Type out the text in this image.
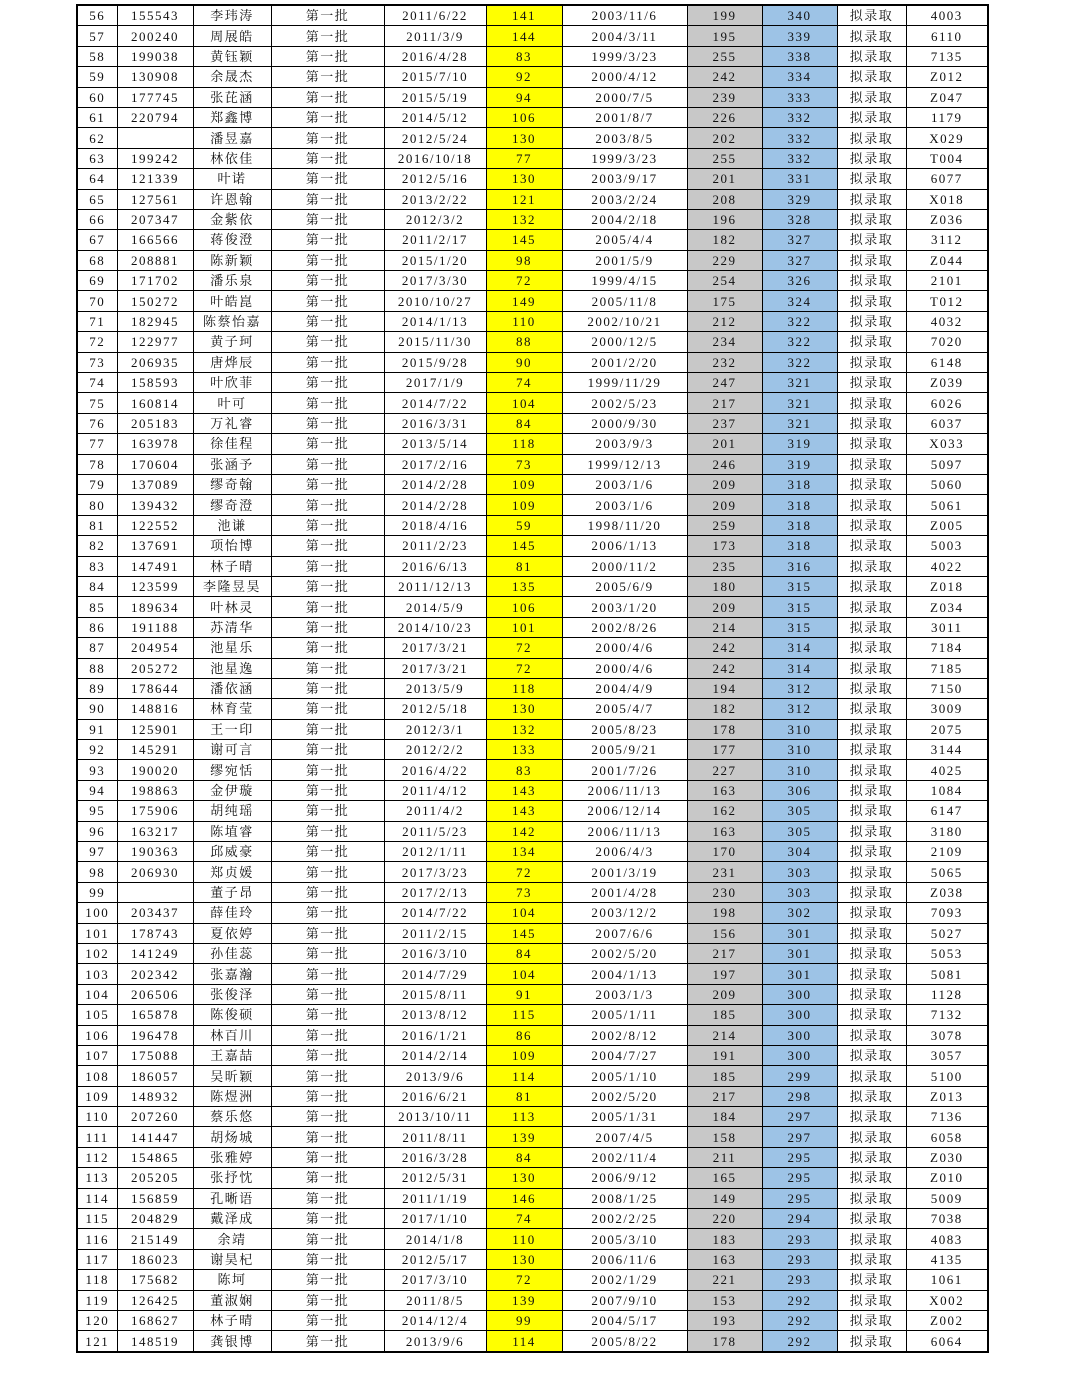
56	155543	李玮涛	第一批	2011/6/22	141	2003/11/6	199	340	拟录取	4003
57	200240	周展皓	第一批	2011/3/9	144	2004/3/11	195	339	拟录取	6110
58	199038	黄钰颖	第一批	2016/4/28	83	1999/3/23	255	338	拟录取	7135
59	130908	余晟杰	第一批	2015/7/10	92	2000/4/12	242	334	拟录取	Z012
60	177745	张芘涵	第一批	2015/5/19	94	2000/7/5	239	333	拟录取	Z047
61	220794	郑鑫博	第一批	2014/5/12	106	2001/8/7	226	332	拟录取	1179
62		潘昱嘉	第一批	2012/5/24	130	2003/8/5	202	332	拟录取	X029
63	199242	林依佳	第一批	2016/10/18	77	1999/3/23	255	332	拟录取	T004
64	121339	叶诺	第一批	2012/5/16	130	2003/9/17	201	331	拟录取	6077
65	127561	许恩翰	第一批	2013/2/22	121	2003/2/24	208	329	拟录取	X018
66	207347	金紫依	第一批	2012/3/2	132	2004/2/18	196	328	拟录取	Z036
67	166566	蒋俊澄	第一批	2011/2/17	145	2005/4/4	182	327	拟录取	3112
68	208881	陈新颖	第一批	2015/1/20	98	2001/5/9	229	327	拟录取	Z044
69	171702	潘乐泉	第一批	2017/3/30	72	1999/4/15	254	326	拟录取	2101
70	150272	叶皓崑	第一批	2010/10/27	149	2005/11/8	175	324	拟录取	T012
71	182945	陈蔡怡嘉	第一批	2014/1/13	110	2002/10/21	212	322	拟录取	4032
72	122977	黄子珂	第一批	2015/11/30	88	2000/12/5	234	322	拟录取	7020
73	206935	唐烨辰	第一批	2015/9/28	90	2001/2/20	232	322	拟录取	6148
74	158593	叶欣菲	第一批	2017/1/9	74	1999/11/29	247	321	拟录取	Z039
75	160814	叶可	第一批	2014/7/22	104	2002/5/23	217	321	拟录取	6026
76	205183	万礼睿	第一批	2016/3/31	84	2000/9/30	237	321	拟录取	6037
77	163978	徐佳程	第一批	2013/5/14	118	2003/9/3	201	319	拟录取	X033
78	170604	张涵予	第一批	2017/2/16	73	1999/12/13	246	319	拟录取	5097
79	137089	缪奇翰	第一批	2014/2/28	109	2003/1/6	209	318	拟录取	5060
80	139432	缪奇澄	第一批	2014/2/28	109	2003/1/6	209	318	拟录取	5061
81	122552	池谦	第一批	2018/4/16	59	1998/11/20	259	318	拟录取	Z005
82	137691	项怡博	第一批	2011/2/23	145	2006/1/13	173	318	拟录取	5003
83	147491	林子晴	第一批	2016/6/13	81	2000/11/2	235	316	拟录取	4022
84	123599	李隆昱昊	第一批	2011/12/13	135	2005/6/9	180	315	拟录取	Z018
85	189634	叶林灵	第一批	2014/5/9	106	2003/1/20	209	315	拟录取	Z034
86	191188	苏清华	第一批	2014/10/23	101	2002/8/26	214	315	拟录取	3011
87	204954	池星乐	第一批	2017/3/21	72	2000/4/6	242	314	拟录取	7184
88	205272	池星逸	第一批	2017/3/21	72	2000/4/6	242	314	拟录取	7185
89	178644	潘依涵	第一批	2013/5/9	118	2004/4/9	194	312	拟录取	7150
90	148816	林育莹	第一批	2012/5/18	130	2005/4/7	182	312	拟录取	3009
91	125901	王一印	第一批	2012/3/1	132	2005/8/23	178	310	拟录取	2075
92	145291	谢可言	第一批	2012/2/2	133	2005/9/21	177	310	拟录取	3144
93	190020	缪宛恬	第一批	2016/4/22	83	2001/7/26	227	310	拟录取	4025
94	198863	金伊璇	第一批	2011/4/12	143	2006/11/13	163	306	拟录取	1084
95	175906	胡纯瑶	第一批	2011/4/2	143	2006/12/14	162	305	拟录取	6147
96	163217	陈埴睿	第一批	2011/5/23	142	2006/11/13	163	305	拟录取	3180
97	190363	邱威豪	第一批	2012/1/11	134	2006/4/3	170	304	拟录取	2109
98	206930	郑贞媛	第一批	2017/3/23	72	2001/3/19	231	303	拟录取	5065
99		董子昂	第一批	2017/2/13	73	2001/4/28	230	303	拟录取	Z038
100	203437	薛佳玲	第一批	2014/7/22	104	2003/12/2	198	302	拟录取	7093
101	178743	夏依婷	第一批	2011/2/15	145	2007/6/6	156	301	拟录取	5027
102	141249	孙佳蕊	第一批	2016/3/10	84	2002/5/20	217	301	拟录取	5053
103	202342	张嘉瀚	第一批	2014/7/29	104	2004/1/13	197	301	拟录取	5081
104	206506	张俊泽	第一批	2015/8/11	91	2003/1/3	209	300	拟录取	1128
105	165878	陈俊硕	第一批	2013/8/12	115	2005/1/11	185	300	拟录取	7132
106	196478	林百川	第一批	2016/1/21	86	2002/8/12	214	300	拟录取	3078
107	175088	王嘉喆	第一批	2014/2/14	109	2004/7/27	191	300	拟录取	3057
108	186057	吴昕颖	第一批	2013/9/6	114	2005/1/10	185	299	拟录取	5100
109	148932	陈煜洲	第一批	2016/6/21	81	2002/5/20	217	298	拟录取	Z013
110	207260	蔡乐悠	第一批	2013/10/11	113	2005/1/31	184	297	拟录取	7136
111	141447	胡炀城	第一批	2011/8/11	139	2007/4/5	158	297	拟录取	6058
112	154865	张雅婷	第一批	2016/3/28	84	2002/11/4	211	295	拟录取	Z030
113	205205	张抒忱	第一批	2012/5/31	130	2006/9/12	165	295	拟录取	Z010
114	156859	孔晰语	第一批	2011/1/19	146	2008/1/25	149	295	拟录取	5009
115	204829	戴泽成	第一批	2017/1/10	74	2002/2/25	220	294	拟录取	7038
116	215149	余靖	第一批	2014/1/8	110	2005/3/10	183	293	拟录取	4083
117	186023	谢昊杞	第一批	2012/5/17	130	2006/11/6	163	293	拟录取	4135
118	175682	陈坷	第一批	2017/3/10	72	2002/1/29	221	293	拟录取	1061
119	126425	董淑娴	第一批	2011/8/5	139	2007/9/10	153	292	拟录取	X002
120	168627	林子晴	第一批	2014/12/4	99	2004/5/17	193	292	拟录取	Z002
121	148519	龚银博	第一批	2013/9/6	114	2005/8/22	178	292	拟录取	6064
